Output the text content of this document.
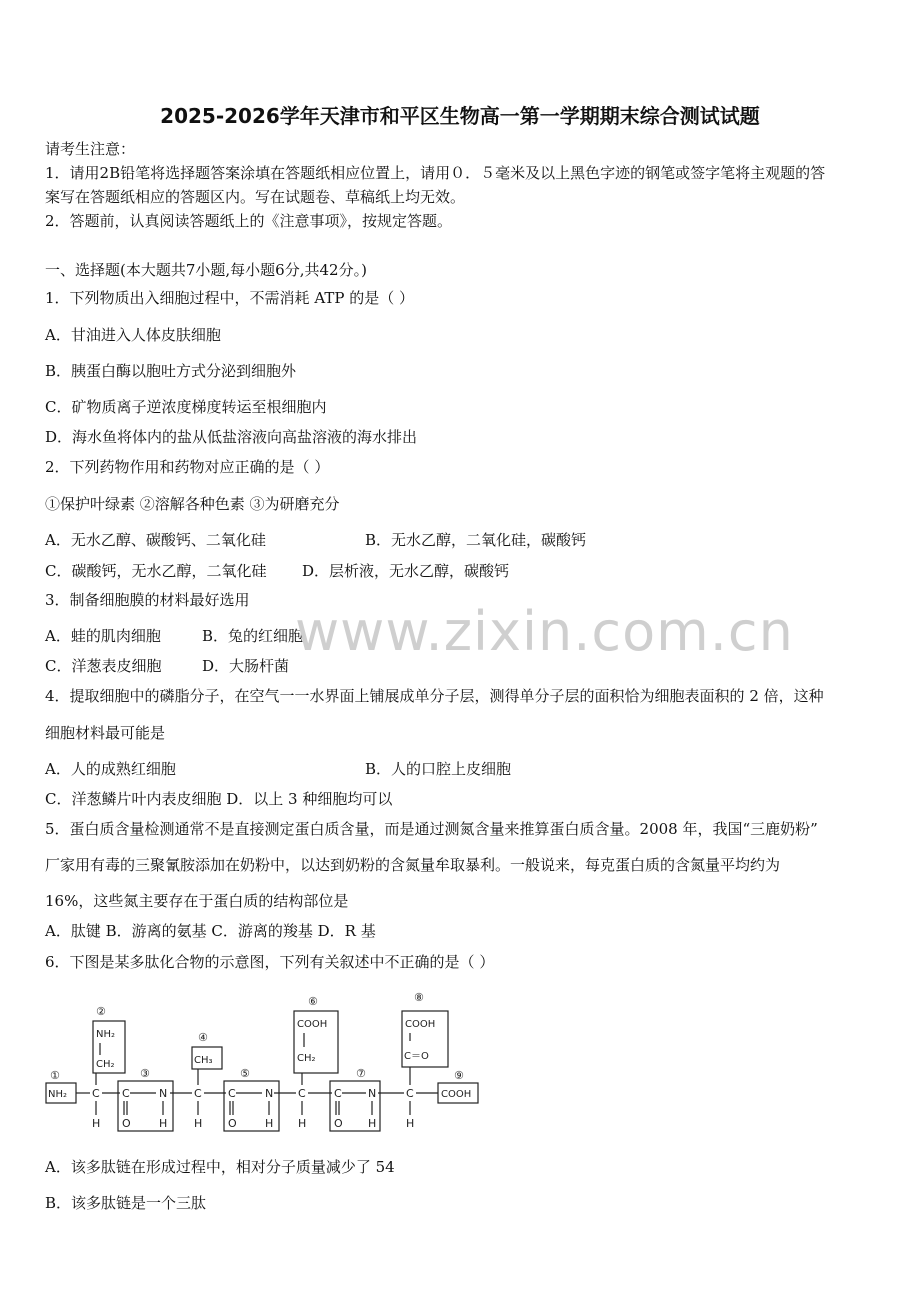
2025-2026学年天津市和平区生物高一第一学期期末综合测试试题
请考生注意：
1．请用2B铅笔将选择题答案涂填在答题纸相应位置上，请用０．５毫米及以上黑色字迹的钢笔或签字笔将主观题的答
案写在答题纸相应的答题区内。写在试题卷、草稿纸上均无效。
2．答题前，认真阅读答题纸上的《注意事项》，按规定答题。
一、选择题(本大题共7小题,每小题6分,共42分。)
1．下列物质出入细胞过程中，不需消耗 ATP 的是（ ）
A．甘油进入人体皮肤细胞
B．胰蛋白酶以胞吐方式分泌到细胞外
C．矿物质离子逆浓度梯度转运至根细胞内
D．海水鱼将体内的盐从低盐溶液向高盐溶液的海水排出
2．下列药物作用和药物对应正确的是（ ）
①保护叶绿素 ②溶解各种色素 ③为研磨充分
A．无水乙醇、碳酸钙、二氧化硅	B．无水乙醇，二氧化硅，碳酸钙
C．碳酸钙，无水乙醇，二氧化硅 D．层析液，无水乙醇，碳酸钙
3．制备细胞膜的材料最好选用
A．蛙的肌肉细胞	B．兔的红细胞
C．洋葱表皮细胞	D．大肠杆菌
4．提取细胞中的磷脂分子，在空气一一水界面上铺展成单分子层，测得单分子层的面积恰为细胞表面积的 2 倍，这种
细胞材料最可能是
A．人的成熟红细胞	B．人的口腔上皮细胞
C．洋葱鳞片叶内表皮细胞 D．以上 3 种细胞均可以
5．蛋白质含量检测通常不是直接测定蛋白质含量，而是通过测氮含量来推算蛋白质含量。2008 年，我国“三鹿奶粉”
厂家用有毒的三聚氰胺添加在奶粉中，以达到奶粉的含氮量牟取暴利。一般说来，每克蛋白质的含氮量平均约为
16%，这些氮主要存在于蛋白质的结构部位是
A．肽键 B．游离的氨基 C．游离的羧基 D．R 基
6．下图是某多肽化合物的示意图，下列有关叙述中不正确的是（ ）
①
②
③
④
⑤
⑥
⑦
⑧
⑨
NH₂
NH₂
CH₂	CH₃
COOH
CH₂
COOH
C＝O
COOH
C
H
C
O
N
H
C
H
C
O
N
H
C
H
C
O
N
H
C
H
A．该多肽链在形成过程中，相对分子质量减少了 54
B．该多肽链是一个三肽
www.zixin.com.cn
